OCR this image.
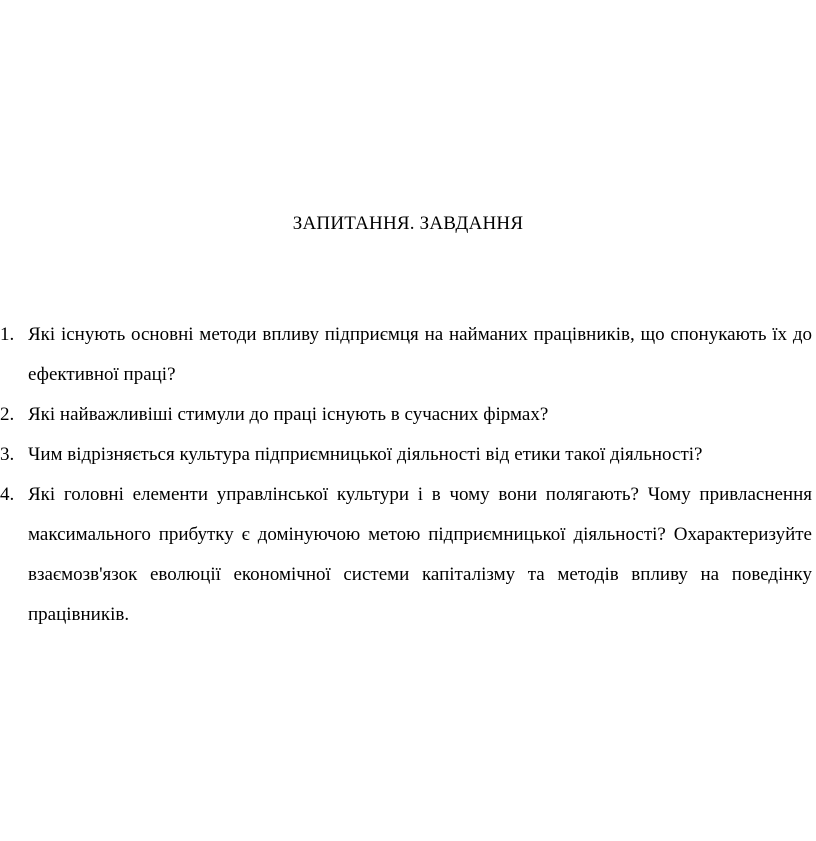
ЗАПИТАННЯ. ЗАВДАННЯ
1. Які існують основні методи впливу підприємця на найманих працівників, що спонукають їх до ефективної праці?
2. Які найважливіші стимули до праці існують в сучасних фірмах?
3. Чим відрізняється культура підприємницької діяльності від етики такої діяльності?
4. Які головні елементи управлінської культури і в чому вони полягають? Чому привласнення максимального прибутку є домінуючою метою підприємницької діяльності? Охарактеризуйте взаємозв'язок еволюції економічної системи капіталізму та методів впливу на поведінку працівників.
